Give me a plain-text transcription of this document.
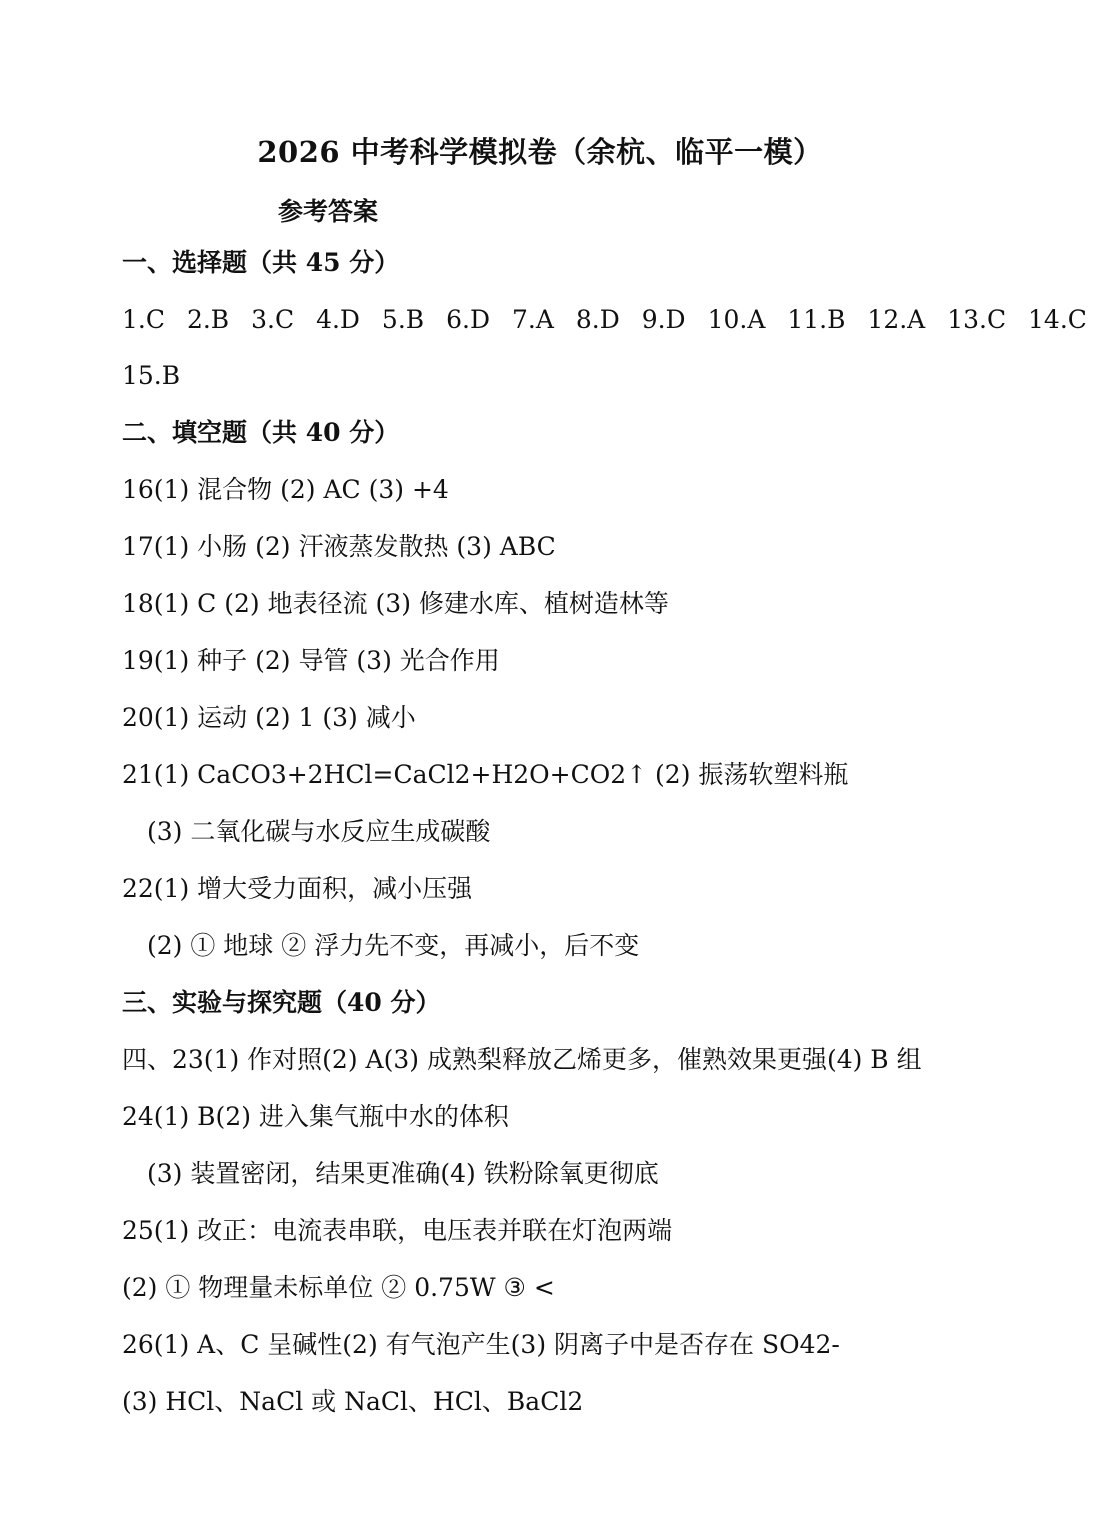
2026 中考科学模拟卷（余杭、临平一模）
参考答案
一、选择题（共 45 分）
1.C 2.B 3.C 4.D 5.B 6.D 7.A 8.D 9.D 10.A 11.B 12.A 13.C 14.C
15.B
二、填空题（共 40 分）
16(1) 混合物 (2) AC (3) +4
17(1) 小肠 (2) 汗液蒸发散热 (3) ABC
18(1) C (2) 地表径流 (3) 修建水库、植树造林等
19(1) 种子 (2) 导管 (3) 光合作用
20(1) 运动 (2) 1 (3) 减小
21(1) CaCO3+2HCl=CaCl2+H2O+CO2↑ (2) 振荡软塑料瓶
(3) 二氧化碳与水反应生成碳酸
22(1) 增大受力面积，减小压强
(2) ① 地球 ② 浮力先不变，再减小，后不变
三、实验与探究题（40 分）
四、23(1) 作对照(2) A(3) 成熟梨释放乙烯更多，催熟效果更强(4) B 组
24(1) B(2) 进入集气瓶中水的体积
(3) 装置密闭，结果更准确(4) 铁粉除氧更彻底
25(1) 改正：电流表串联，电压表并联在灯泡两端
(2) ① 物理量未标单位 ② 0.75W ③ <
26(1) A、C 呈碱性(2) 有气泡产生(3) 阴离子中是否存在 SO42-
(3) HCl、NaCl 或 NaCl、HCl、BaCl2
